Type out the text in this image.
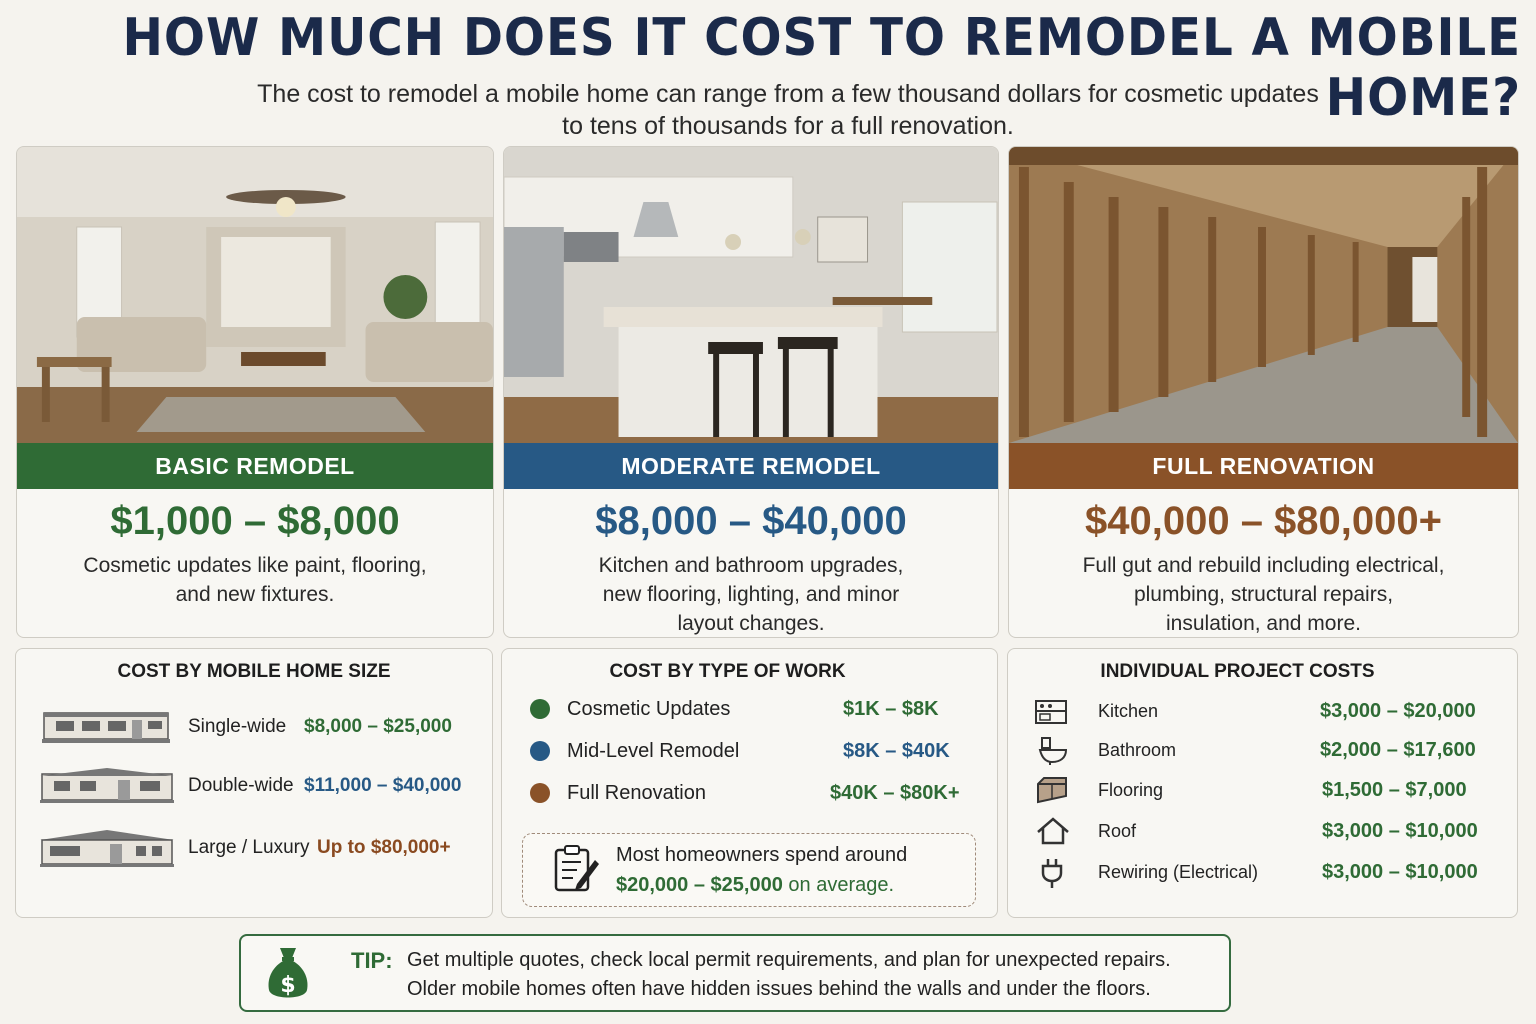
HOW MUCH DOES IT COST TO REMODEL A MOBILE HOME?
The cost to remodel a mobile home can range from a few thousand dollars for cosmetic updates
to tens of thousands for a full renovation.
BASIC REMODEL
$1,000 – $8,000
Cosmetic updates like paint, flooring,
and new fixtures.
MODERATE REMODEL
$8,000 – $40,000
Kitchen and bathroom upgrades,
new flooring, lighting, and minor
layout changes.
FULL RENOVATION
$40,000 – $80,000+
Full gut and rebuild including electrical,
plumbing, structural repairs,
insulation, and more.
COST BY MOBILE HOME SIZE
Single-wide $8,000 – $25,000
Double-wide $11,000 – $40,000
Large / Luxury Up to $80,000+
COST BY TYPE OF WORK
Cosmetic Updates	$1K – $8K
Mid-Level Remodel	$8K – $40K
Full Renovation	$40K – $80K+
Most homeowners spend around
$20,000 – $25,000 on average.
INDIVIDUAL PROJECT COSTS
Kitchen	$3,000 – $20,000
Bathroom	$2,000 – $17,600
Flooring	$1,500 – $7,000
Roof	$3,000 – $10,000
Rewiring (Electrical)	$3,000 – $10,000
$
TIP: Get multiple quotes, check local permit requirements, and plan for unexpected repairs.
Older mobile homes often have hidden issues behind the walls and under the floors.
